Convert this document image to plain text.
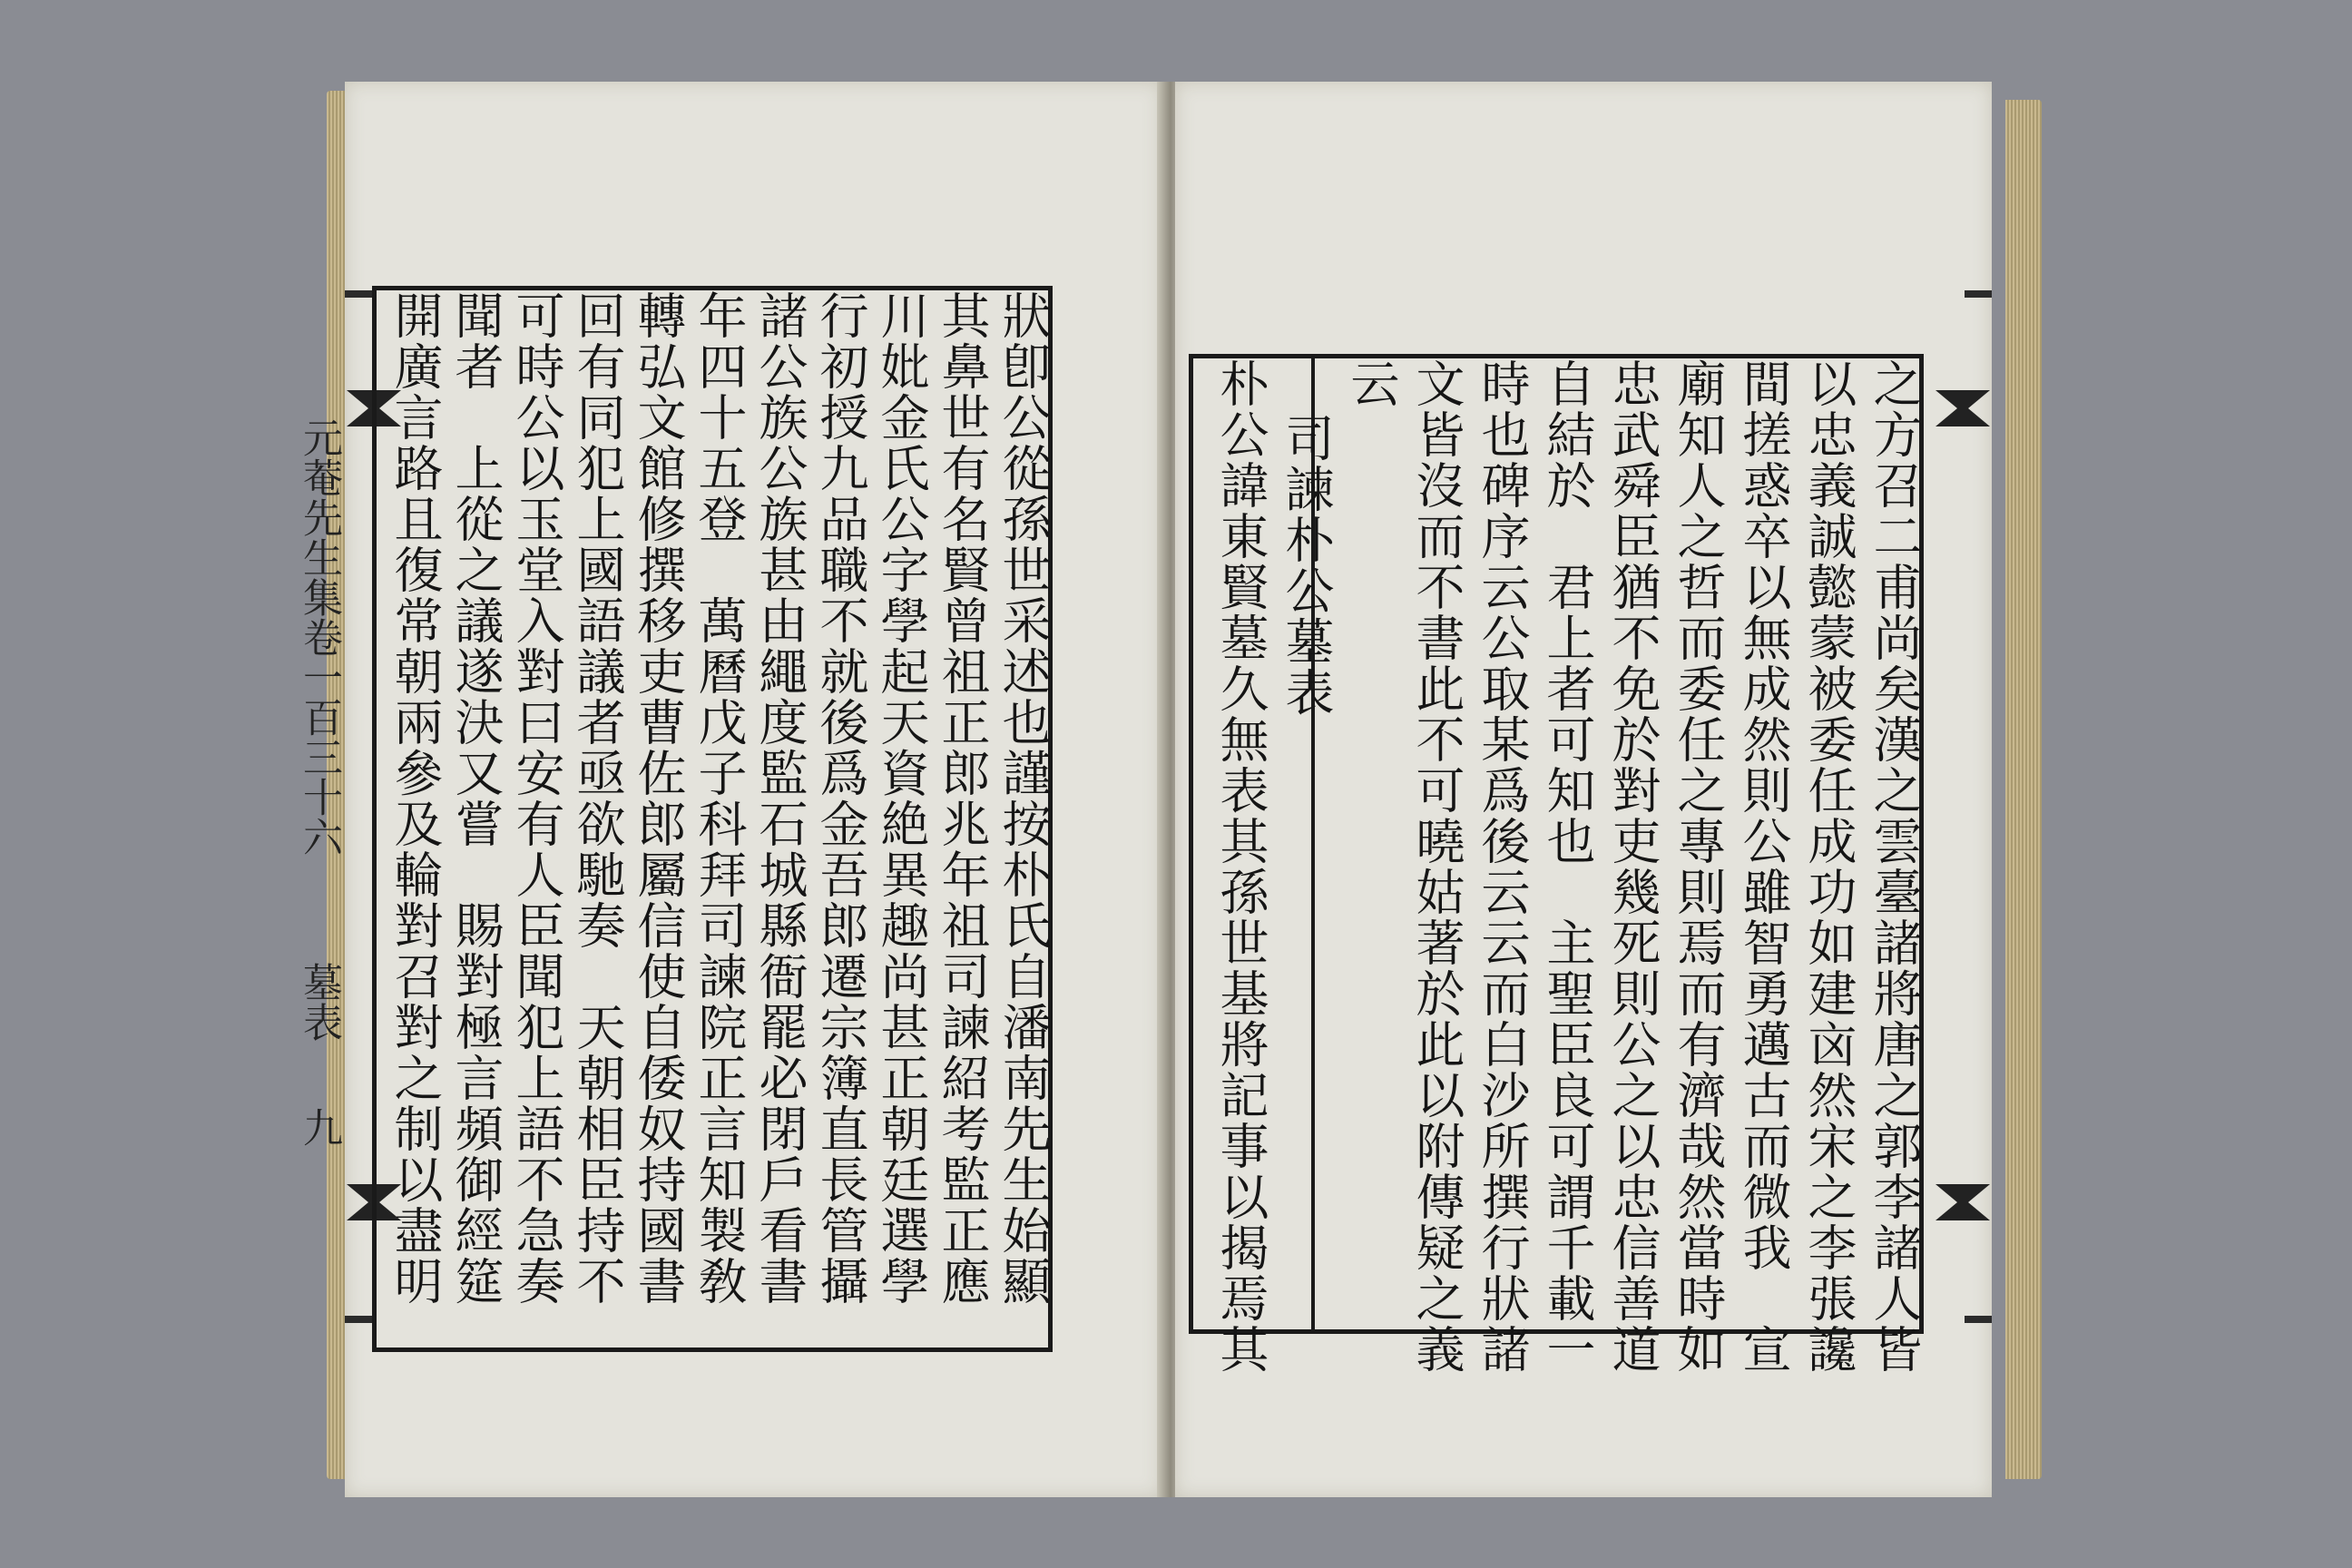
元菴先生集卷一百三十六
墓表
九	狀卽公從孫世采述也謹按朴氏自潘南先生始顯
其鼻世有名賢曾祖正郎兆年祖司諫紹考監正應
川妣金氏公字學起天資絶異趣尚甚正朝廷選學
行初授九品職不就後爲金吾郎遷宗簿直長管攝
諸公族公族甚由繩度監石城縣衙罷必閉戶看書
年四十五登　萬曆戊子科拜司諫院正言知製敎
轉弘文館修撰移吏曹佐郎屬信使自倭奴持國書
回有同犯上國語議者亟欲馳奏　天朝相臣持不
可時公以玉堂入對曰安有人臣聞犯上語不急奏
聞者　上從之議遂決又嘗　賜對極言頻御經筵
開廣言路且復常朝兩參及輪對召對之制以盡明	之方召二甫尚矣漢之雲臺諸將唐之郭李諸人皆
以忠義誠懿蒙被委任成功如建㐫然宋之李張讒
間搓惑卒以無成然則公雖智勇邁古而微我　宣
廟知人之哲而委任之專則焉而有濟哉然當時如
忠武舜臣猶不免於對吏幾死則公之以忠信善道
自結於　君上者可知也　主聖臣良可謂千載一
時也碑序云公取某爲後云云而白沙所撰行狀諸
文皆沒而不書此不可曉姑著於此以附傳疑之義
云
司諫朴公墓表
朴公諱東賢墓久無表其孫世基將記事以揭焉其
